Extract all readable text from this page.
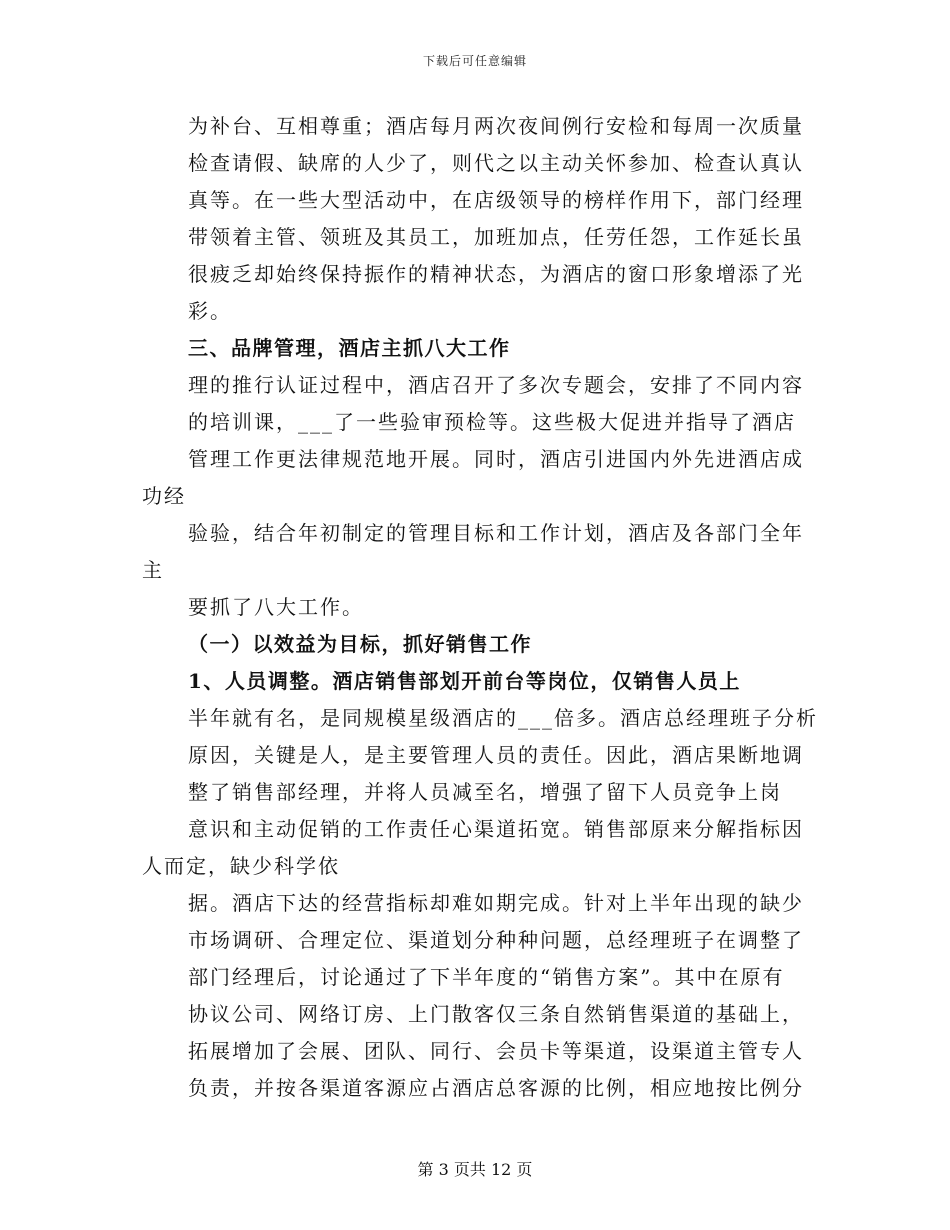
下载后可任意编辑
为补台、互相尊重；酒店每月两次夜间例行安检和每周一次质量
检查请假、缺席的人少了，则代之以主动关怀参加、检查认真认
真等。在一些大型活动中，在店级领导的榜样作用下，部门经理
带领着主管、领班及其员工，加班加点，任劳任怨，工作延长虽
很疲乏却始终保持振作的精神状态，为酒店的窗口形象增添了光
彩。
三、品牌管理，酒店主抓八大工作
理的推行认证过程中，酒店召开了多次专题会，安排了不同内容
的培训课，___了一些验审预检等。这些极大促进并指导了酒店
管理工作更法律规范地开展。同时，酒店引进国内外先进酒店成
功经
验验，结合年初制定的管理目标和工作计划，酒店及各部门全年
主
要抓了八大工作。
（一）以效益为目标，抓好销售工作
1、人员调整。酒店销售部划开前台等岗位，仅销售人员上
半年就有名，是同规模星级酒店的___倍多。酒店总经理班子分析
原因，关键是人，是主要管理人员的责任。因此，酒店果断地调
整了销售部经理，并将人员减至名，增强了留下人员竞争上岗
意识和主动促销的工作责任心渠道拓宽。销售部原来分解指标因
人而定，缺少科学依
据。酒店下达的经营指标却难如期完成。针对上半年出现的缺少
市场调研、合理定位、渠道划分种种问题，总经理班子在调整了
部门经理后，讨论通过了下半年度的“销售方案”。其中在原有
协议公司、网络订房、上门散客仅三条自然销售渠道的基础上，
拓展增加了会展、团队、同行、会员卡等渠道，设渠道主管专人
负责，并按各渠道客源应占酒店总客源的比例，相应地按比例分
第 3 页共 12 页
